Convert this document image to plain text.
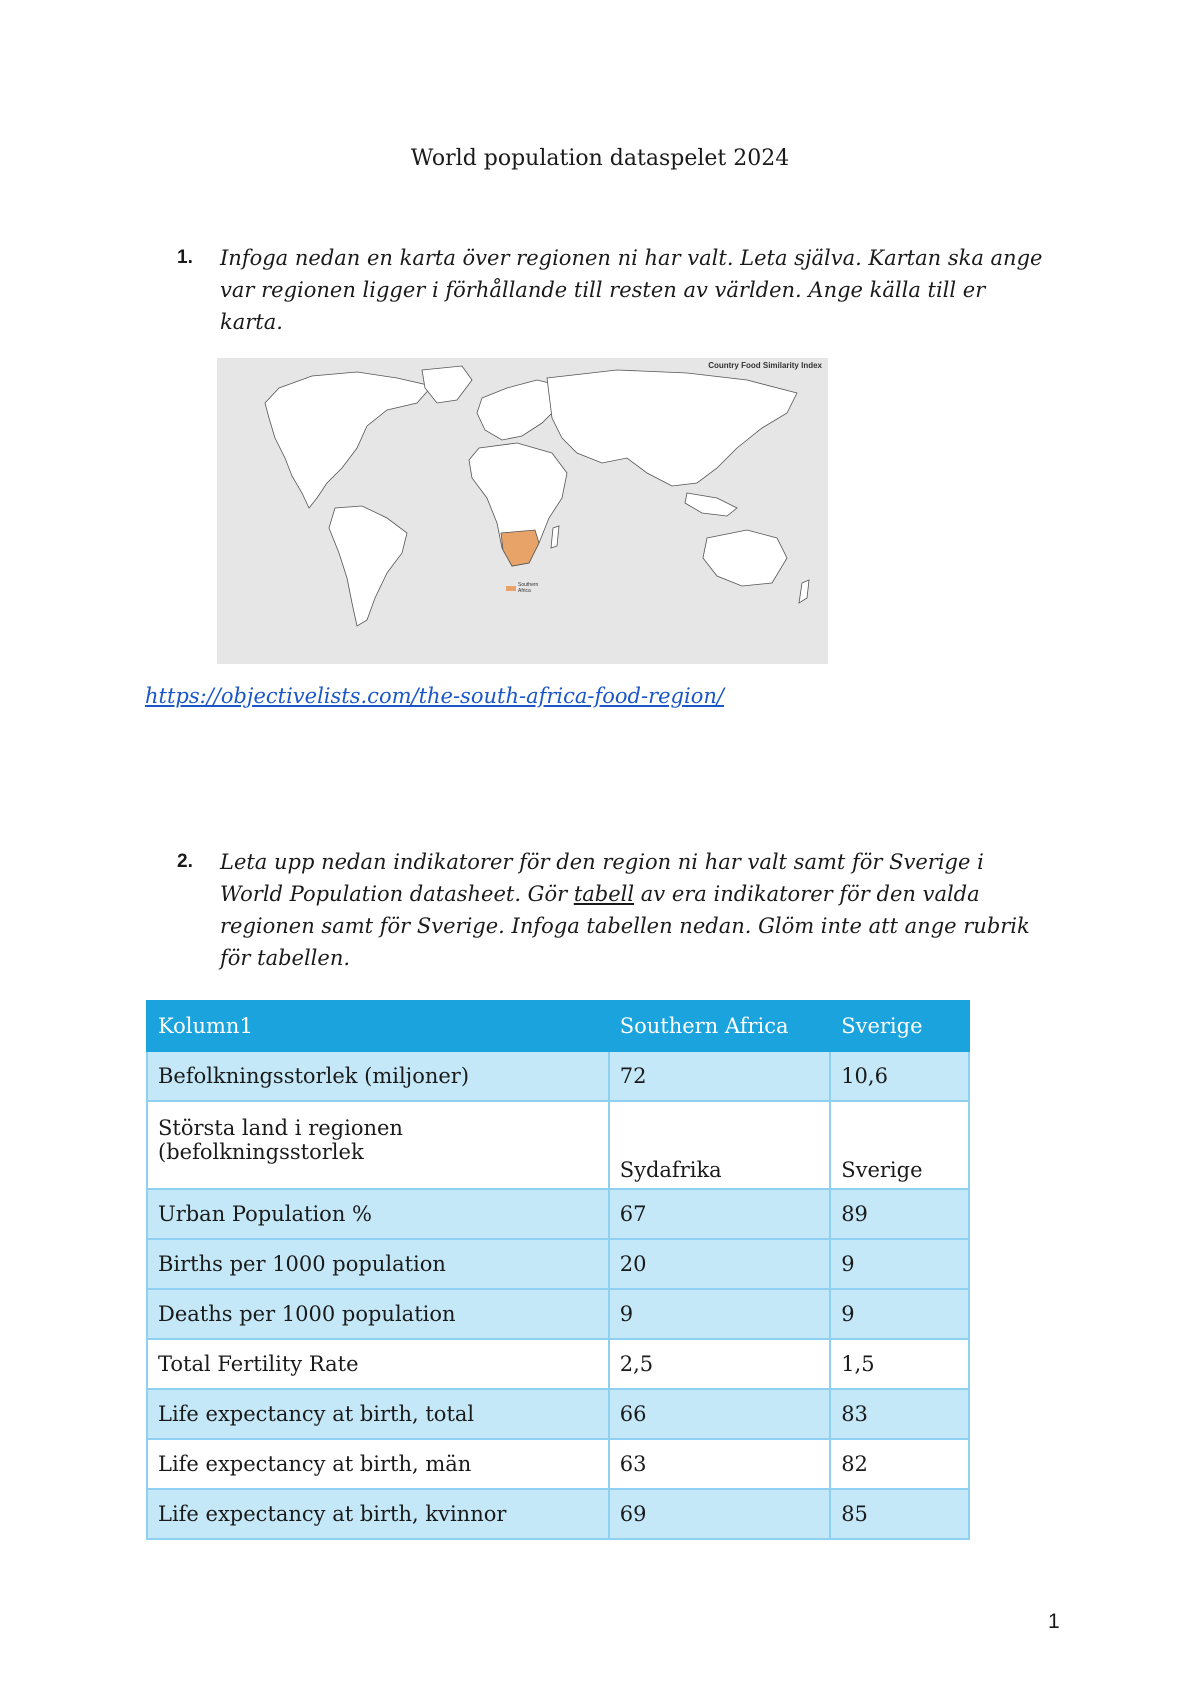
World population dataspelet 2024
1.	Infoga nedan en karta över regionen ni har valt. Leta själva. Kartan ska ange var regionen ligger i förhållande till resten av världen. Ange källa till er karta.
Country Food Similarity Index
Southern
Africa
https://objectivelists.com/the-south-africa-food-region/
2.	Leta upp nedan indikatorer för den region ni har valt samt för Sverige i World Population datasheet. Gör tabell av era indikatorer för den valda regionen samt för Sverige. Infoga tabellen nedan. Glöm inte att ange rubrik för tabellen.
Kolumn1	Southern Africa	Sverige
Befolkningsstorlek (miljoner)	72	10,6
Största land i regionen (befolkningsstorlek	Sydafrika	Sverige
Urban Population %	67	89
Births per 1000 population	20	9
Deaths per 1000 population	9	9
Total Fertility Rate	2,5	1,5
Life expectancy at birth, total	66	83
Life expectancy at birth, män	63	82
Life expectancy at birth, kvinnor	69	85
1
